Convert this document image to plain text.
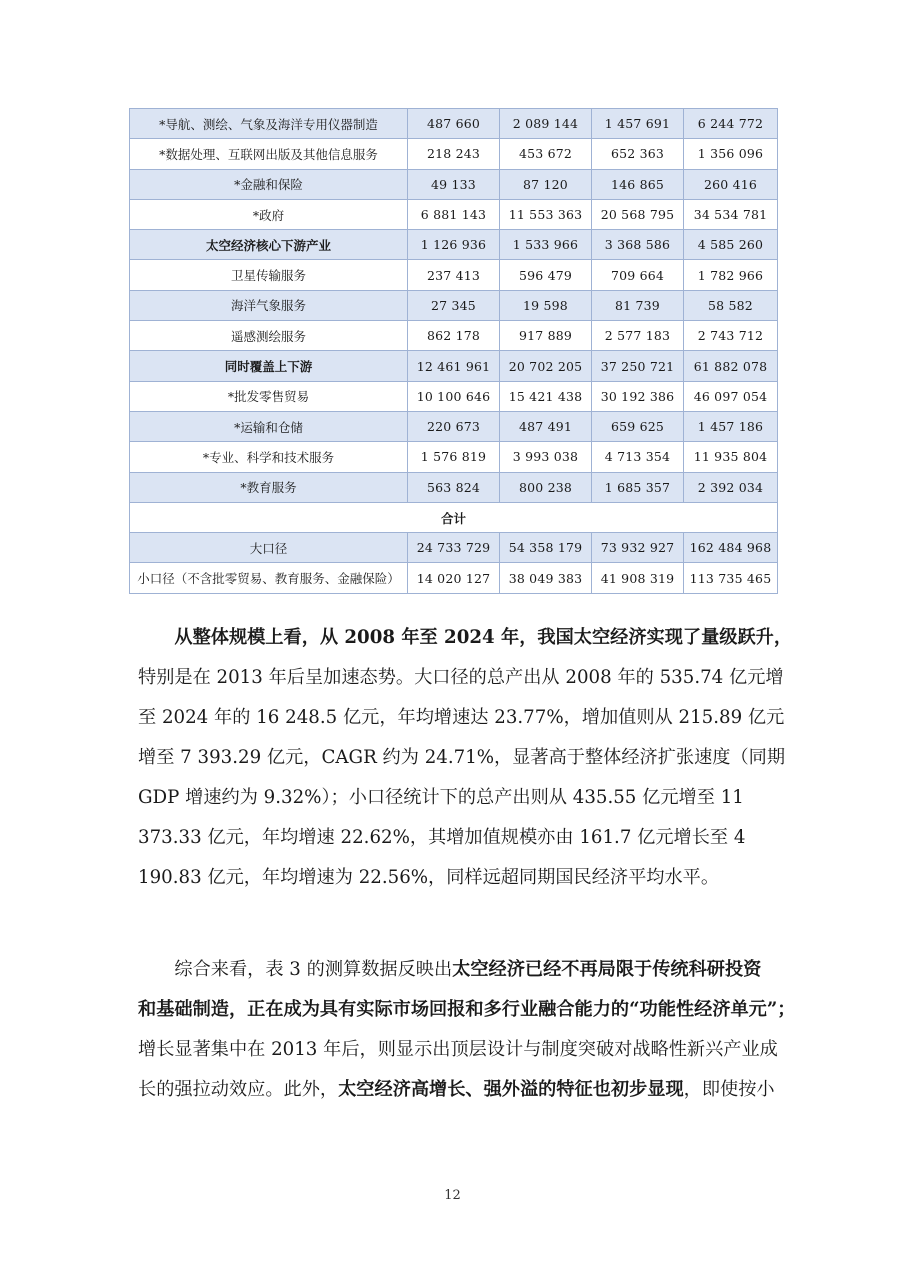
*导航、测绘、气象及海洋专用仪器制造	487 660	2 089 144	1 457 691	6 244 772
*数据处理、互联网出版及其他信息服务	218 243	453 672	652 363	1 356 096
*金融和保险	49 133	87 120	146 865	260 416
*政府	6 881 143	11 553 363	20 568 795	34 534 781
太空经济核心下游产业	1 126 936	1 533 966	3 368 586	4 585 260
卫星传输服务	237 413	596 479	709 664	1 782 966
海洋气象服务	27 345	19 598	81 739	58 582
遥感测绘服务	862 178	917 889	2 577 183	2 743 712
同时覆盖上下游	12 461 961	20 702 205	37 250 721	61 882 078
*批发零售贸易	10 100 646	15 421 438	30 192 386	46 097 054
*运输和仓储	220 673	487 491	659 625	1 457 186
*专业、科学和技术服务	1 576 819	3 993 038	4 713 354	11 935 804
*教育服务	563 824	800 238	1 685 357	2 392 034
合计				
大口径	24 733 729	54 358 179	73 932 927	162 484 968
小口径（不含批零贸易、教育服务、金融保险）	14 020 127	38 049 383	41 908 319	113 735 465

  从整体规模上看，从 2008 年至 2024 年，我国太空经济实现了量级跃升，
特别是在 2013 年后呈加速态势。大口径的总产出从 2008 年的 535.74 亿元增
至 2024 年的 16 248.5 亿元，年均增速达 23.77%，增加值则从 215.89 亿元
增至 7 393.29 亿元，CAGR 约为 24.71%，显著高于整体经济扩张速度（同期
GDP 增速约为 9.32%）；小口径统计下的总产出则从 435.55 亿元增至 11
373.33 亿元，年均增速 22.62%，其增加值规模亦由 161.7 亿元增长至 4
190.83 亿元，年均增速为 22.56%，同样远超同期国民经济平均水平。

  综合来看，表 3 的测算数据反映出太空经济已经不再局限于传统科研投资
和基础制造，正在成为具有实际市场回报和多行业融合能力的“功能性经济单元”；
增长显著集中在 2013 年后，则显示出顶层设计与制度突破对战略性新兴产业成
长的强拉动效应。此外，太空经济高增长、强外溢的特征也初步显现，即使按小

12
